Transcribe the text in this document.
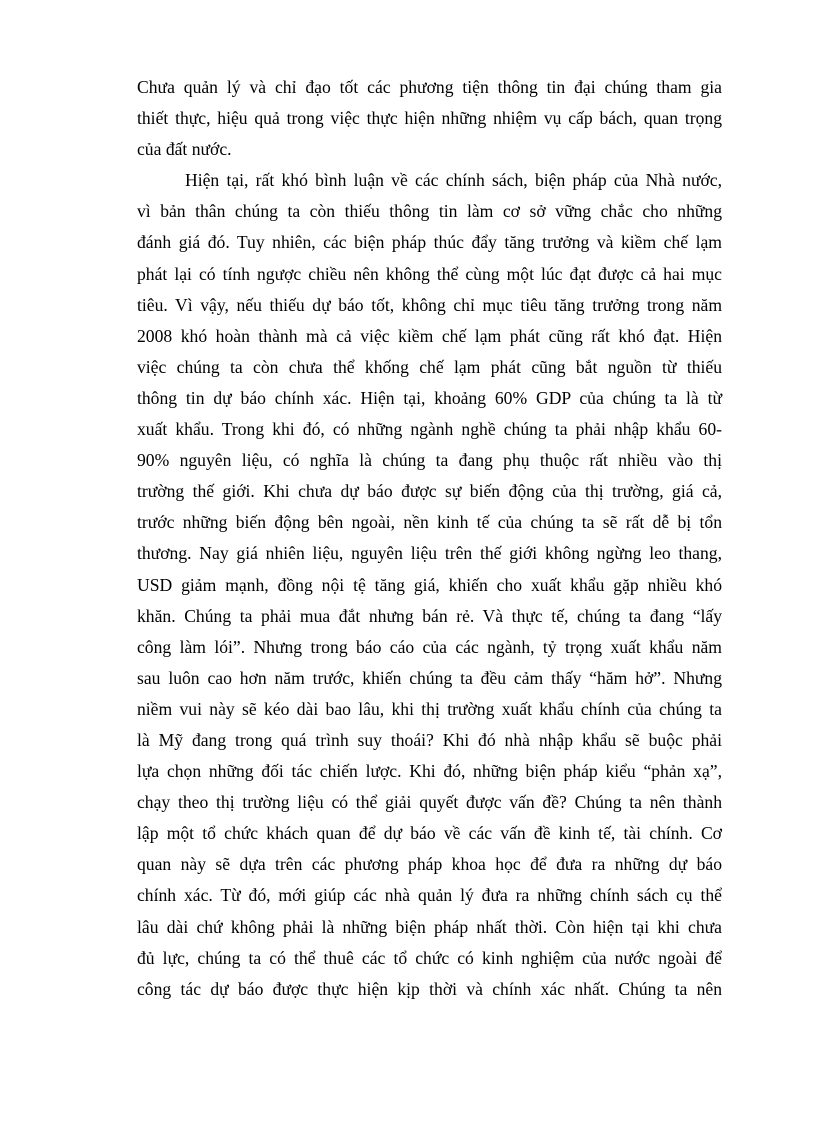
Chưa quản lý và chỉ đạo tốt các phương tiện thông tin đại chúng tham gia
thiết thực, hiệu quả trong việc thực hiện những nhiệm vụ cấp bách, quan trọng
của đất nước.
Hiện tại, rất khó bình luận về các chính sách, biện pháp của Nhà nước,
vì bản thân chúng ta còn thiếu thông tin làm cơ sở vững chắc cho những
đánh giá đó. Tuy nhiên, các biện pháp thúc đẩy tăng trưởng và kiềm chế lạm
phát lại có tính ngược chiều nên không thể cùng một lúc đạt được cả hai mục
tiêu. Vì vậy, nếu thiếu dự báo tốt, không chỉ mục tiêu tăng trưởng trong năm
2008 khó hoàn thành mà cả việc kiềm chế lạm phát cũng rất khó đạt. Hiện
việc chúng ta còn chưa thể khống chế lạm phát cũng bắt nguồn từ thiếu
thông tin dự báo chính xác. Hiện tại, khoảng 60% GDP của chúng ta là từ
xuất khẩu. Trong khi đó, có những ngành nghề chúng ta phải nhập khẩu 60-
90% nguyên liệu, có nghĩa là chúng ta đang phụ thuộc rất nhiều vào thị
trường thế giới. Khi chưa dự báo được sự biến động của thị trường, giá cả,
trước những biến động bên ngoài, nền kinh tế của chúng ta sẽ rất dễ bị tổn
thương. Nay giá nhiên liệu, nguyên liệu trên thế giới không ngừng leo thang,
USD giảm mạnh, đồng nội tệ tăng giá, khiến cho xuất khẩu gặp nhiều khó
khăn. Chúng ta phải mua đắt nhưng bán rẻ. Và thực tế, chúng ta đang “lấy
công làm lói”. Nhưng trong báo cáo của các ngành, tỷ trọng xuất khẩu năm
sau luôn cao hơn năm trước, khiến chúng ta đều cảm thấy “hăm hở”. Nhưng
niềm vui này sẽ kéo dài bao lâu, khi thị trường xuất khẩu chính của chúng ta
là Mỹ đang trong quá trình suy thoái? Khi đó nhà nhập khẩu sẽ buộc phải
lựa chọn những đối tác chiến lược. Khi đó, những biện pháp kiểu “phản xạ”,
chạy theo thị trường liệu có thể giải quyết được vấn đề? Chúng ta nên thành
lập một tổ chức khách quan để dự báo về các vấn đề kinh tế, tài chính. Cơ
quan này sẽ dựa trên các phương pháp khoa học để đưa ra những dự báo
chính xác. Từ đó, mới giúp các nhà quản lý đưa ra những chính sách cụ thể
lâu dài chứ không phải là những biện pháp nhất thời. Còn hiện tại khi chưa
đủ lực, chúng ta có thể thuê các tổ chức có kinh nghiệm của nước ngoài để
công tác dự báo được thực hiện kịp thời và chính xác nhất. Chúng ta nên
